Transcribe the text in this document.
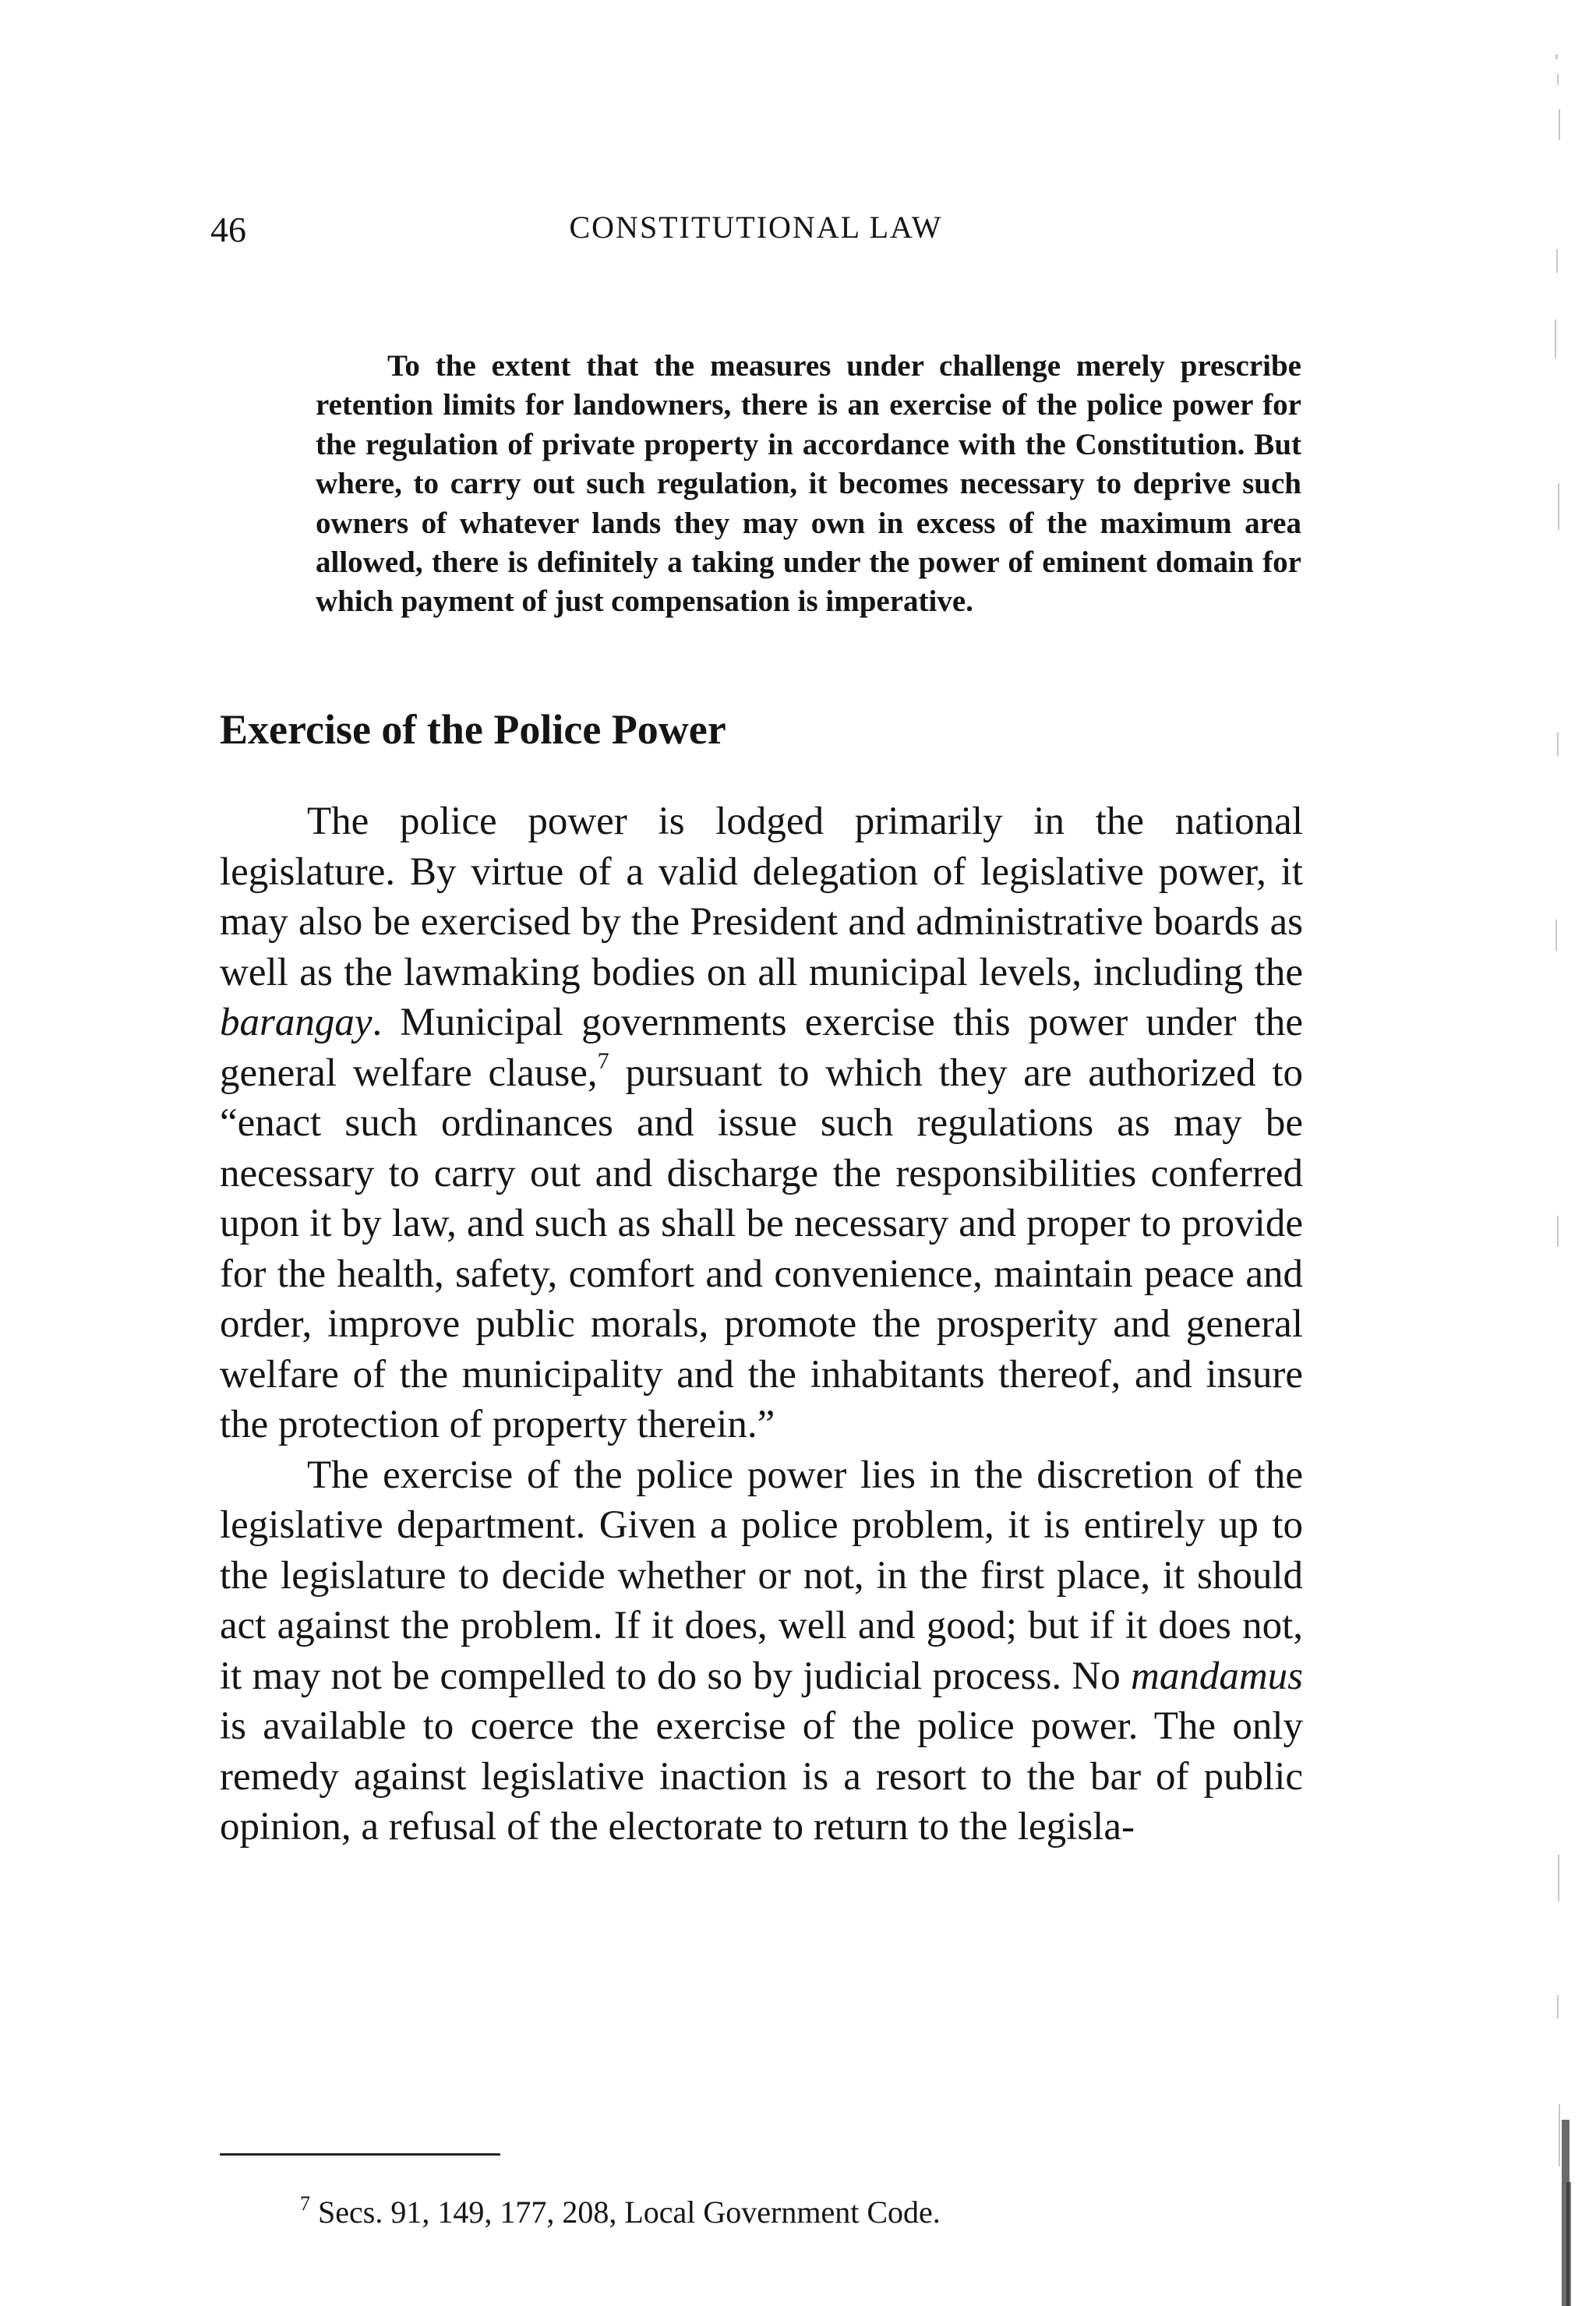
46	CONSTITUTIONAL LAW

To the extent that the measures under challenge merely prescribe retention limits for landowners, there is an exercise of the police power for the regulation of private property in accordance with the Constitution. But where, to carry out such regulation, it becomes necessary to deprive such owners of whatever lands they may own in excess of the maximum area allowed, there is definitely a taking under the power of eminent domain for which payment of just compensation is imperative.

Exercise of the Police Power

The police power is lodged primarily in the national legislature. By virtue of a valid delegation of legislative power, it may also be exercised by the President and administrative boards as well as the lawmaking bodies on all municipal levels, including the barangay. Municipal governments exercise this power under the general welfare clause,$^7$ pursuant to which they are authorized to “enact such ordinances and issue such regulations as may be necessary to carry out and discharge the responsibilities conferred upon it by law, and such as shall be necessary and proper to provide for the health, safety, comfort and convenience, maintain peace and order, improve public morals, promote the prosperity and general welfare of the municipality and the inhabitants thereof, and insure the protection of property therein.”

The exercise of the police power lies in the discretion of the legislative department. Given a police problem, it is entirely up to the legislature to decide whether or not, in the first place, it should act against the problem. If it does, well and good; but if it does not, it may not be compelled to do so by judicial process. No mandamus is available to coerce the exercise of the police power. The only remedy against legislative inaction is a resort to the bar of public opinion, a refusal of the electorate to return to the legisla-

$^7$ Secs. 91, 149, 177, 208, Local Government Code.
